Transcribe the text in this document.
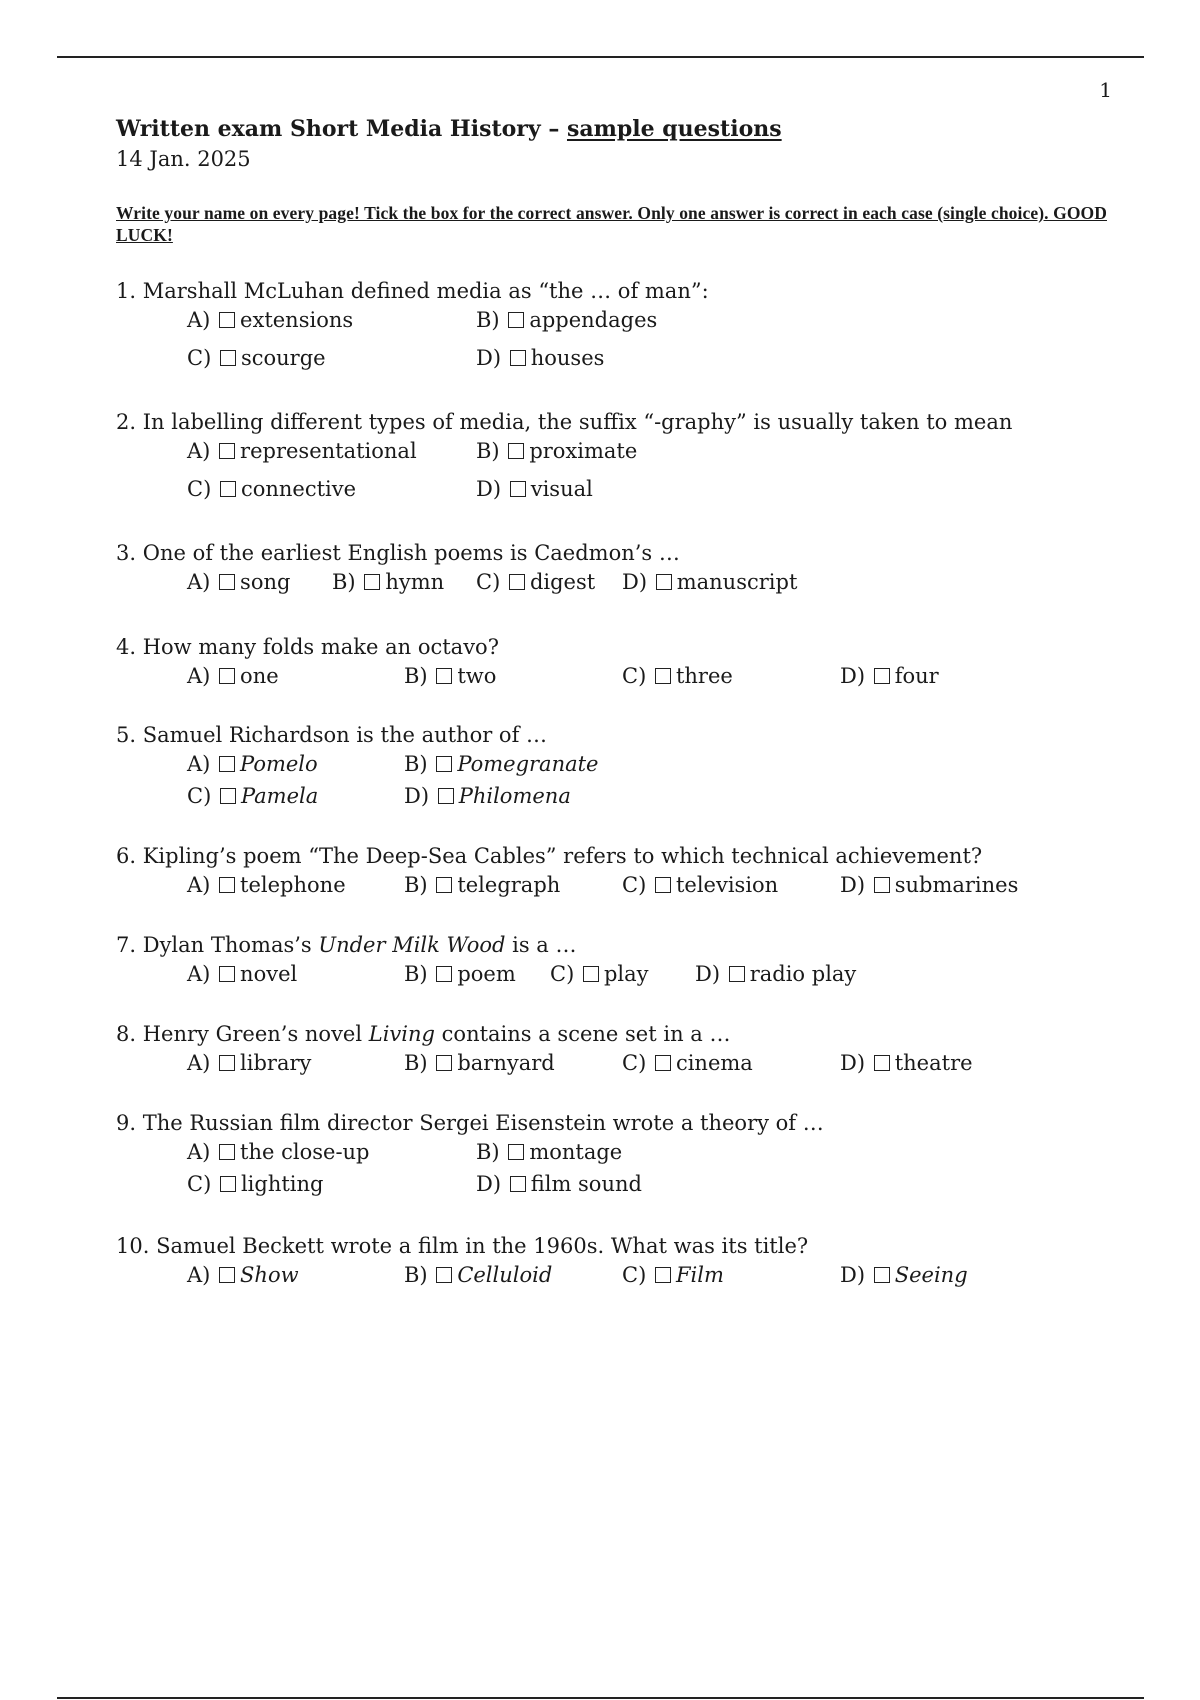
1
Written exam Short Media History – sample questions
14 Jan. 2025
Write your name on every page! Tick the box for the correct answer. Only one answer is correct in each case (single choice). GOOD LUCK!
1. Marshall McLuhan defined media as “the … of man”:
A) extensions	B) appendages
C) scourge	D) houses
2. In labelling different types of media, the suffix “-graphy” is usually taken to mean
A) representational	B) proximate
C) connective	D) visual
3. One of the earliest English poems is Caedmon’s …
A) song B) hymn C) digest D) manuscript
4. How many folds make an octavo?
A) one	B) two	C) three	D) four
5. Samuel Richardson is the author of …
A) Pomelo	B) Pomegranate
C) Pamela	D) Philomena
6. Kipling’s poem “The Deep-Sea Cables” refers to which technical achievement?
A) telephone	B) telegraph	C) television	D) submarines
7. Dylan Thomas’s Under Milk Wood is a …
A) novel	B) poem C) play D) radio play
8. Henry Green’s novel Living contains a scene set in a …
A) library	B) barnyard	C) cinema	D) theatre
9. The Russian film director Sergei Eisenstein wrote a theory of …
A) the close-up	B) montage
C) lighting	D) film sound
10. Samuel Beckett wrote a film in the 1960s. What was its title?
A) Show	B) Celluloid	C) Film	D) Seeing
